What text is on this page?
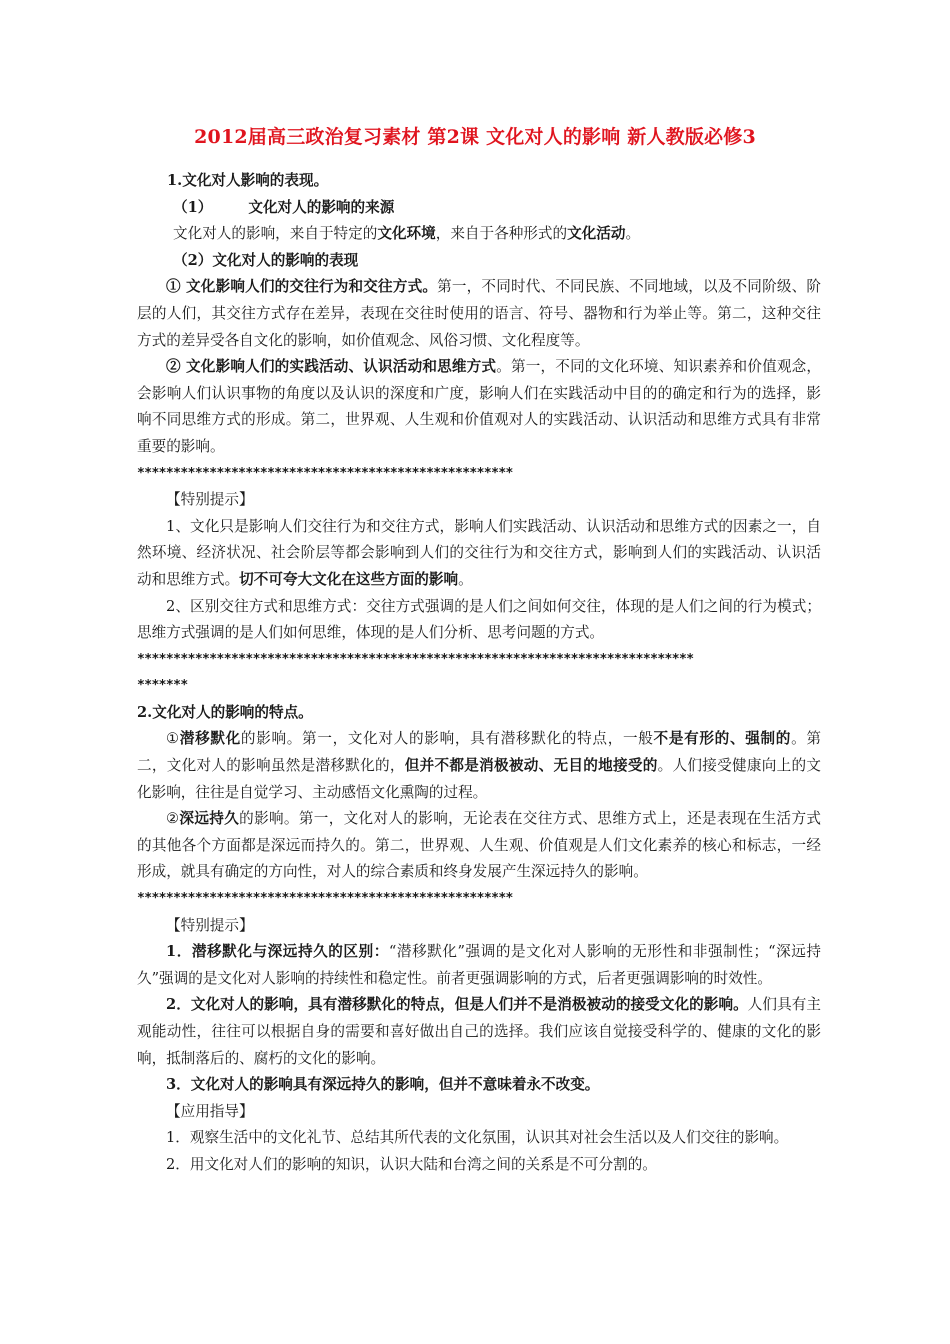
2012届高三政治复习素材 第2课 文化对人的影响 新人教版必修3

1.文化对人影响的表现。

（1） 文化对人的影响的来源

文化对人的影响，来自于特定的文化环境，来自于各种形式的文化活动。

（2）文化对人的影响的表现

① 文化影响人们的交往行为和交往方式。第一，不同时代、不同民族、不同地域，以及不同阶级、阶层的人们，其交往方式存在差异，表现在交往时使用的语言、符号、器物和行为举止等。第二，这种交往方式的差异受各自文化的影响，如价值观念、风俗习惯、文化程度等。

② 文化影响人们的实践活动、认识活动和思维方式。第一，不同的文化环境、知识素养和价值观念，会影响人们认识事物的角度以及认识的深度和广度，影响人们在实践活动中目的的确定和行为的选择，影响不同思维方式的形成。第二，世界观、人生观和价值观对人的实践活动、认识活动和思维方式具有非常重要的影响。

****************************************************

【特别提示】

1、文化只是影响人们交往行为和交往方式，影响人们实践活动、认识活动和思维方式的因素之一，自然环境、经济状况、社会阶层等都会影响到人们的交往行为和交往方式，影响到人们的实践活动、认识活动和思维方式。切不可夸大文化在这些方面的影响。

2、区别交往方式和思维方式：交往方式强调的是人们之间如何交往，体现的是人们之间的行为模式；思维方式强调的是人们如何思维，体现的是人们分析、思考问题的方式。

*****************************************************************************

*******

2.文化对人的影响的特点。

①潜移默化的影响。第一，文化对人的影响，具有潜移默化的特点，一般不是有形的、强制的。第二，文化对人的影响虽然是潜移默化的，但并不都是消极被动、无目的地接受的。人们接受健康向上的文化影响，往往是自觉学习、主动感悟文化熏陶的过程。

②深远持久的影响。第一，文化对人的影响，无论表在交往方式、思维方式上，还是表现在生活方式的其他各个方面都是深远而持久的。第二，世界观、人生观、价值观是人们文化素养的核心和标志，一经形成，就具有确定的方向性，对人的综合素质和终身发展产生深远持久的影响。

****************************************************

【特别提示】

1．潜移默化与深远持久的区别：“潜移默化”强调的是文化对人影响的无形性和非强制性；“深远持久”强调的是文化对人影响的持续性和稳定性。前者更强调影响的方式，后者更强调影响的时效性。

2．文化对人的影响，具有潜移默化的特点，但是人们并不是消极被动的接受文化的影响。人们具有主观能动性，往往可以根据自身的需要和喜好做出自己的选择。我们应该自觉接受科学的、健康的文化的影响，抵制落后的、腐朽的文化的影响。

3．文化对人的影响具有深远持久的影响，但并不意味着永不改变。

【应用指导】

1．观察生活中的文化礼节、总结其所代表的文化氛围，认识其对社会生活以及人们交往的影响。

2．用文化对人们的影响的知识，认识大陆和台湾之间的关系是不可分割的。
